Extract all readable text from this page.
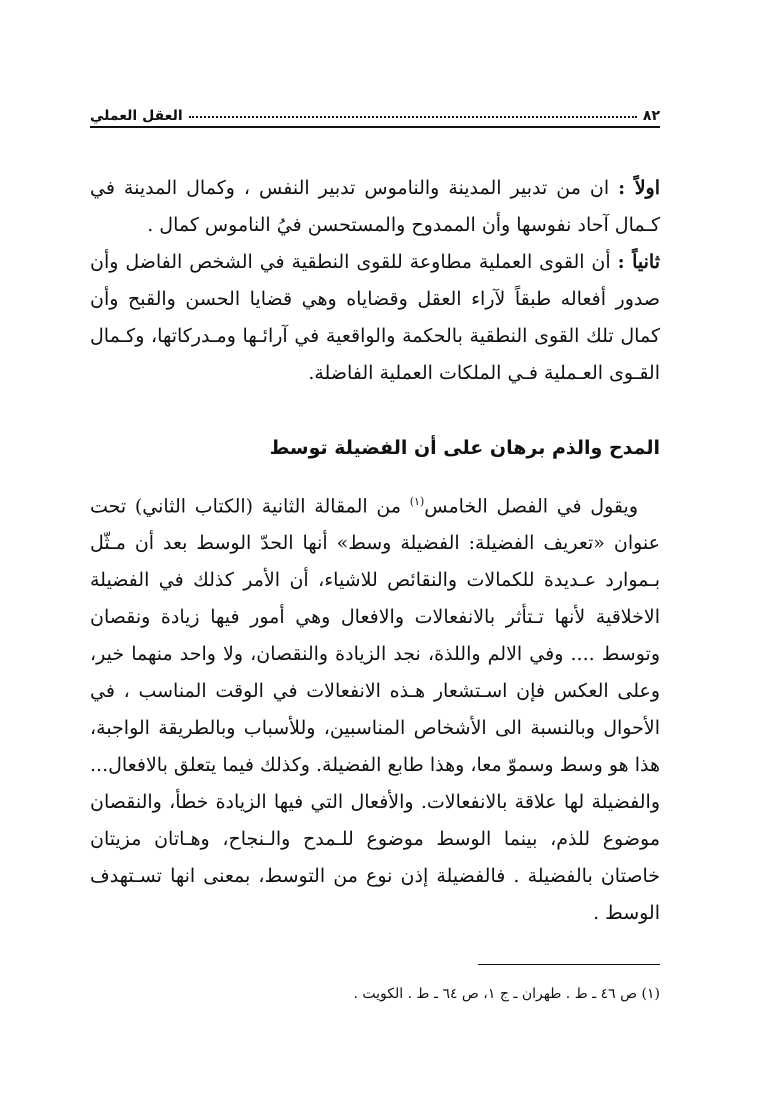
٨٢
العقل العملي

اولاً : ان من تدبير المدينة والناموس تدبير النفس ، وكمال المدينة في كـمال آحاد نفوسها وأن الممدوح والمستحسن فيُ الناموس كمال .

ثانياً : أن القوى العملية مطاوعة للقوى النطقية في الشخص الفاضل وأن صدور أفعاله طبقاً لآراء العقل وقضاياه وهي قضايا الحسن والقبح وأن كمال تلك القوى النطقية بالحكمة والواقعية في آرائـها ومـدركاتها، وكـمال القـوى العـملية فـي الملكات العملية الفاضلة.

المدح والذم برهان على أن الفضيلة توسط

ويقول في الفصل الخامس$^{(١)}$ من المقالة الثانية (الكتاب الثاني) تحت عنوان «تعريف الفضيلة: الفضيلة وسط» أنها الحدّ الوسط بعد أن مـثّل بـموارد عـديدة للكمالات والنقائص للاشياء، أن الأمر كذلك في الفضيلة الاخلاقية لأنها تـتأثر بالانفعالات والافعال وهي أمور فيها زيادة ونقصان وتوسط .... وفي الالم واللذة، نجد الزيادة والنقصان، ولا واحد منهما خير، وعلى العكس فإن اسـتشعار هـذه الانفعالات في الوقت المناسب ، في الأحوال وبالنسبة الى الأشخاص المناسبين، وللأسباب وبالطريقة الواجبة، هذا هو وسط وسموّ معا، وهذا طابع الفضيلة. وكذلك فيما يتعلق بالافعال... والفضيلة لها علاقة بالانفعالات. والأفعال التي فيها الزيادة خطأ، والنقصان موضوع للذم، بينما الوسط موضوع للـمدح والـنجاح، وهـاتان مزيتان خاصتان بالفضيلة . فالفضيلة إذن نوع من التوسط، بمعنى انها تسـتهدف الوسط .

(١) ص ٤٦ ـ ط . طهران ـ ج ١، ص ٦٤ ـ ط . الكويت .
